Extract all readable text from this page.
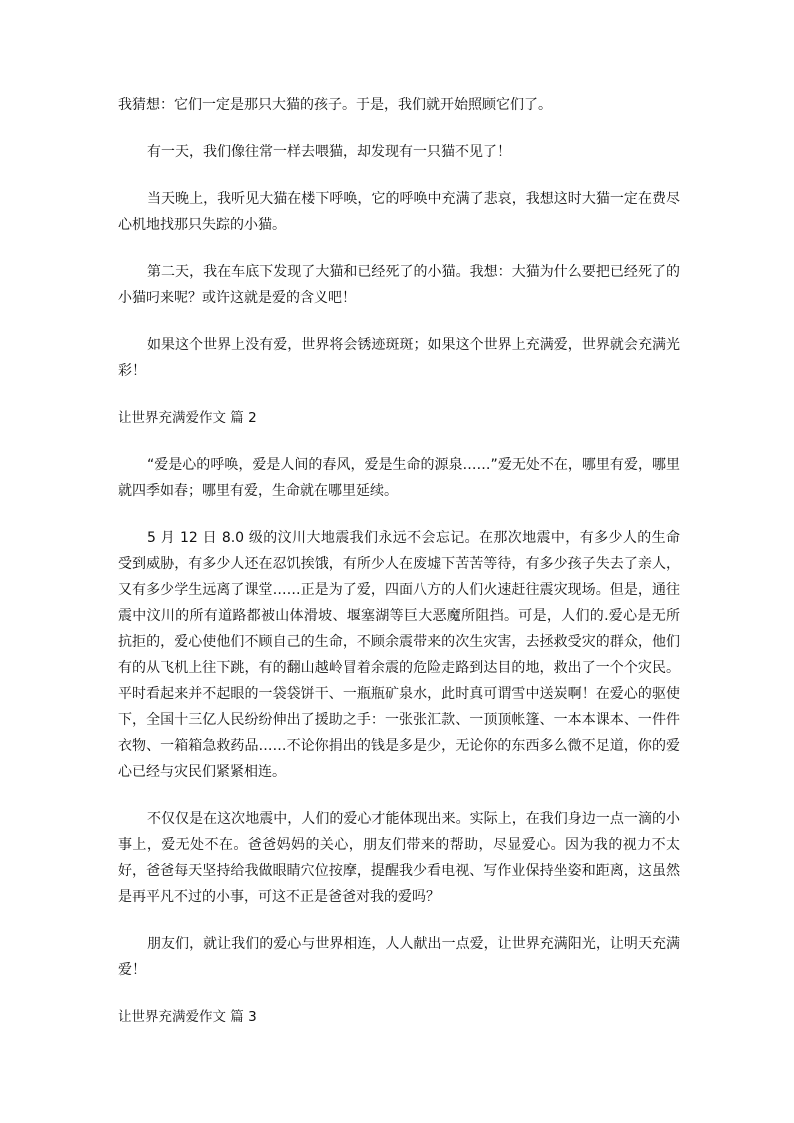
我猜想：它们一定是那只大猫的孩子。于是，我们就开始照顾它们了。

有一天，我们像往常一样去喂猫，却发现有一只猫不见了！

当天晚上，我听见大猫在楼下呼唤，它的呼唤中充满了悲哀，我想这时大猫一定在费尽心机地找那只失踪的小猫。

第二天，我在车底下发现了大猫和已经死了的小猫。我想：大猫为什么要把已经死了的小猫叼来呢？或许这就是爱的含义吧！

如果这个世界上没有爱，世界将会锈迹斑斑；如果这个世界上充满爱，世界就会充满光彩！

让世界充满爱作文 篇 2

“爱是心的呼唤，爱是人间的春风，爱是生命的源泉……”爱无处不在，哪里有爱，哪里就四季如春；哪里有爱，生命就在哪里延续。

5 月 12 日 8.0 级的汶川大地震我们永远不会忘记。在那次地震中，有多少人的生命受到威胁，有多少人还在忍饥挨饿，有所少人在废墟下苦苦等待，有多少孩子失去了亲人，又有多少学生远离了课堂……正是为了爱，四面八方的人们火速赶往震灾现场。但是，通往震中汶川的所有道路都被山体滑坡、堰塞湖等巨大恶魔所阻挡。可是，人们的.爱心是无所抗拒的，爱心使他们不顾自己的生命，不顾余震带来的次生灾害，去拯救受灾的群众，他们有的从飞机上往下跳，有的翻山越岭冒着余震的危险走路到达目的地，救出了一个个灾民。平时看起来并不起眼的一袋袋饼干、一瓶瓶矿泉水，此时真可谓雪中送炭啊！在爱心的驱使下，全国十三亿人民纷纷伸出了援助之手：一张张汇款、一顶顶帐篷、一本本课本、一件件衣物、一箱箱急救药品……不论你捐出的钱是多是少，无论你的东西多么微不足道，你的爱心已经与灾民们紧紧相连。

不仅仅是在这次地震中，人们的爱心才能体现出来。实际上，在我们身边一点一滴的小事上，爱无处不在。爸爸妈妈的关心，朋友们带来的帮助，尽显爱心。因为我的视力不太好，爸爸每天坚持给我做眼睛穴位按摩，提醒我少看电视、写作业保持坐姿和距离，这虽然是再平凡不过的小事，可这不正是爸爸对我的爱吗？

朋友们，就让我们的爱心与世界相连，人人献出一点爱，让世界充满阳光，让明天充满爱！

让世界充满爱作文 篇 3
